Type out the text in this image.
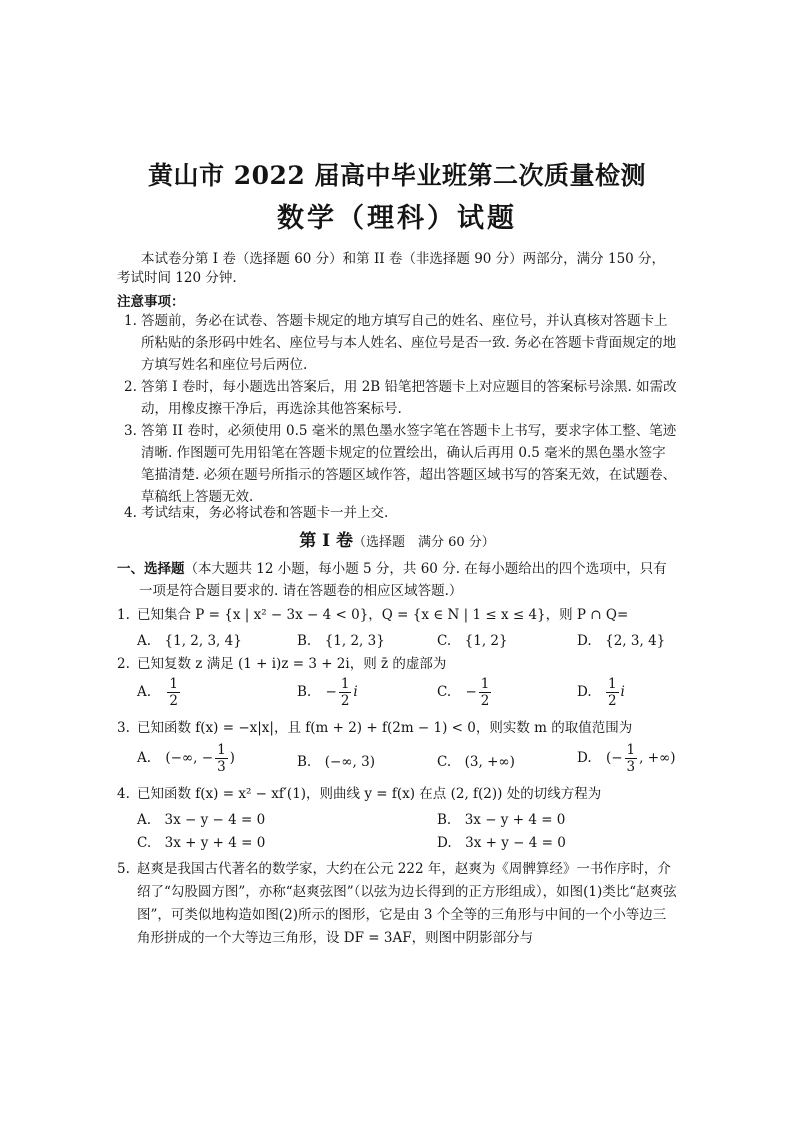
黄山市 2022 届高中毕业班第二次质量检测
数学（理科）试题
本试卷分第 I 卷（选择题 60 分）和第 II 卷（非选择题 90 分）两部分，满分 150 分，
考试时间 120 分钟.
注意事项：
1. 答题前，务必在试卷、答题卡规定的地方填写自己的姓名、座位号，并认真核对答题卡上所粘贴的条形码中姓名、座位号与本人姓名、座位号是否一致. 务必在答题卡背面规定的地方填写姓名和座位号后两位.
2. 答第 I 卷时，每小题选出答案后，用 2B 铅笔把答题卡上对应题目的答案标号涂黑. 如需改动，用橡皮擦干净后，再选涂其他答案标号.
3. 答第 II 卷时，必须使用 0.5 毫米的黑色墨水签字笔在答题卡上书写，要求字体工整、笔迹清晰. 作图题可先用铅笔在答题卡规定的位置绘出，确认后再用 0.5 毫米的黑色墨水签字笔描清楚. 必须在题号所指示的答题区域作答，超出答题区域书写的答案无效，在试题卷、草稿纸上答题无效.
4. 考试结束，务必将试卷和答题卡一并上交.
第 I 卷（选择题　满分 60 分）
一、选择题（本大题共 12 小题，每小题 5 分，共 60 分. 在每小题给出的四个选项中，只有一项是符合题目要求的. 请在答题卷的相应区域答题.）
1. 已知集合 P = {x | x² − 3x − 4 < 0}，Q = {x ∈ N | 1 ≤ x ≤ 4}，则 P ∩ Q=
A.　{1, 2, 3, 4}	B.　{1, 2, 3}	C.　{1, 2}	D.　{2, 3, 4}
2. 已知复数 z 满足 (1 + i)z = 3 + 2i，则 z̄ 的虚部为
A. $\frac{1}{2}$	B. − $\frac{1}{2}$ i	C. − $\frac{1}{2}$	D. $\frac{1}{2}$ i
3. 已知函数 f(x) = −x|x|，且 f(m + 2) + f(2m − 1) < 0，则实数 m 的取值范围为
A. (−∞, − $\frac{1}{3}$ )	B.　(−∞, 3)	C.　(3, +∞)	D. (− $\frac{1}{3}$ , +∞)
4. 已知函数 f(x) = x² − xf′(1)，则曲线 y = f(x) 在点 (2, f(2)) 处的切线方程为
A.　3x − y − 4 = 0	B.　3x − y + 4 = 0
C.　3x + y + 4 = 0	D.　3x + y − 4 = 0
5. 赵爽是我国古代著名的数学家，大约在公元 222 年，赵爽为《周髀算经》一书作序时，介绍了“勾股圆方图”，亦称“赵爽弦图”（以弦为边长得到的正方形组成），如图(1)类比“赵爽弦图”，可类似地构造如图(2)所示的图形，它是由 3 个全等的三角形与中间的一个小等边三角形拼成的一个大等边三角形，设 DF = 3AF，则图中阴影部分与
